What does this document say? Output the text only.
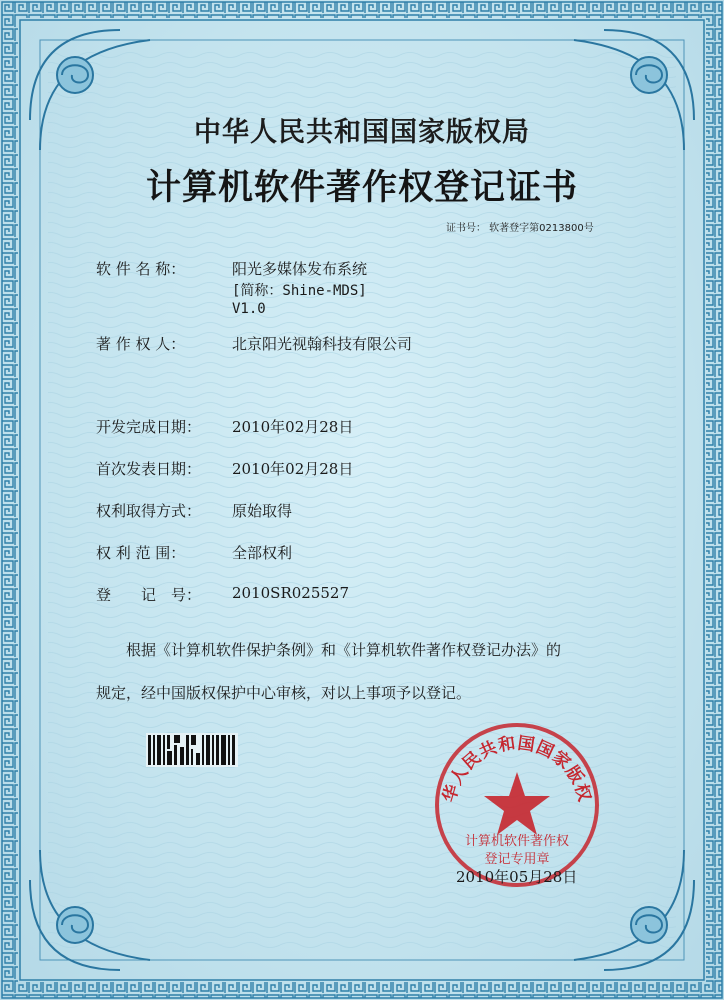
中华人民共和国国家版权局
计算机软件著作权登记证书
证书号： 软著登字第0213800号
软 件 名 称：	阳光多媒体发布系统
[简称：Shine-MDS]
V1.0
著 作 权 人：	北京阳光视翰科技有限公司
开发完成日期： 2010年02月28日
首次发表日期： 2010年02月28日
权利取得方式： 原始取得
权 利 范 围：	全部权利
登　　记　号： 2010SR025527
根据《计算机软件保护条例》和《计算机软件著作权登记办法》的
规定，经中国版权保护中心审核，对以上事项予以登记。
华人民共和国国家版权
计算机软件著作权
登记专用章
2010年05月28日
